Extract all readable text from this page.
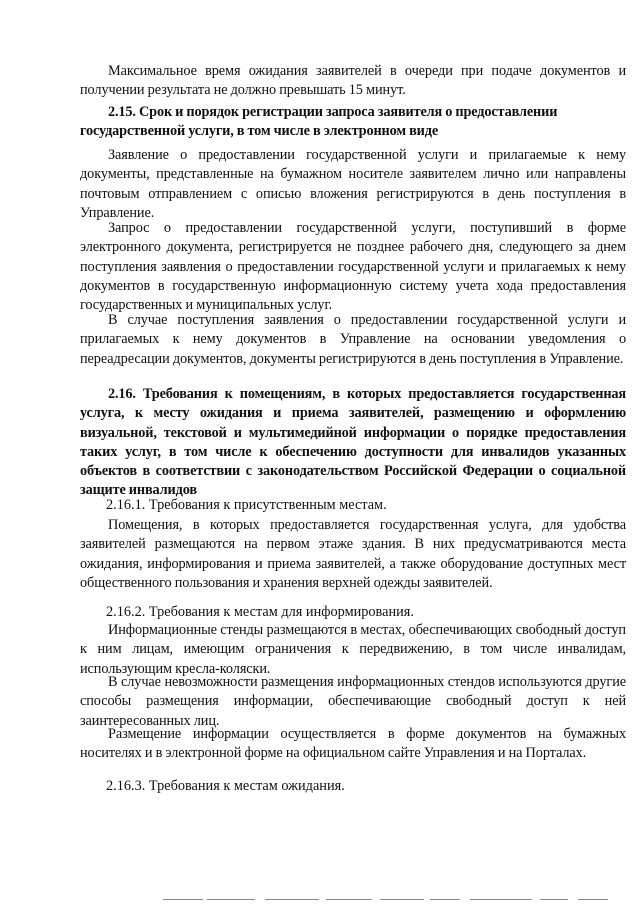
Максимальное время ожидания заявителей в очереди при подаче документов и получении результата не должно превышать 15 минут.

2.15. Срок и порядок регистрации запроса заявителя о предоставлении государственной услуги, в том числе в электронном виде

Заявление о предоставлении государственной услуги и прилагаемые к нему документы, представленные на бумажном носителе заявителем лично или направлены почтовым отправлением с описью вложения регистрируются в день поступления в Управление.

Запрос о предоставлении государственной услуги, поступивший в форме электронного документа, регистрируется не позднее рабочего дня, следующего за днем поступления заявления о предоставлении государственной услуги и прилагаемых к нему документов в государственную информационную систему учета хода предоставления государственных и муниципальных услуг.

В случае поступления заявления о предоставлении государственной услуги и прилагаемых к нему документов в Управление на основании уведомления о переадресации документов, документы регистрируются в день поступления в Управление.

2.16. Требования к помещениям, в которых предоставляется государственная услуга, к месту ожидания и приема заявителей, размещению и оформлению визуальной, текстовой и мультимедийной информации о порядке предоставления таких услуг, в том числе к обеспечению доступности для инвалидов указанных объектов в соответствии с законодательством Российской Федерации о социальной защите инвалидов

2.16.1. Требования к присутственным местам.

Помещения, в которых предоставляется государственная услуга, для удобства заявителей размещаются на первом этаже здания. В них предусматриваются места ожидания, информирования и приема заявителей, а также оборудование доступных мест общественного пользования и хранения верхней одежды заявителей.

2.16.2. Требования к местам для информирования.

Информационные стенды размещаются в местах, обеспечивающих свободный доступ к ним лицам, имеющим ограничения к передвижению, в том числе инвалидам, использующим кресла-коляски.

В случае невозможности размещения информационных стендов используются другие способы размещения информации, обеспечивающие свободный доступ к ней заинтересованных лиц.

Размещение информации осуществляется в форме документов на бумажных носителях и в электронной форме на официальном сайте Управления и на Порталах.

2.16.3. Требования к местам ожидания.
